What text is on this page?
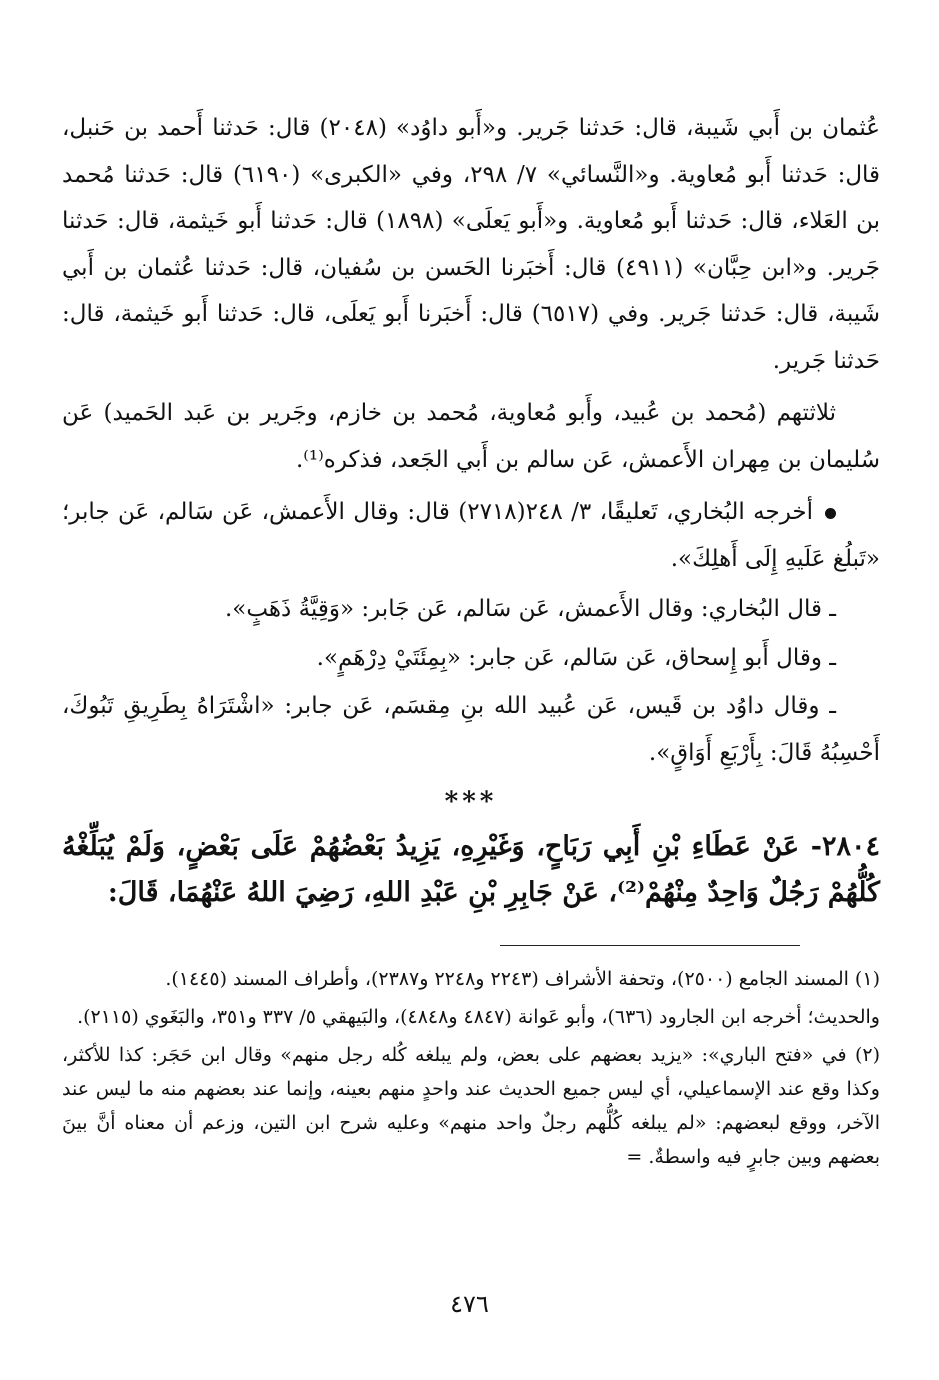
عُثمان بن أَبي شَيبة، قال: حَدثنا جَرير. و«أَبو داوُد» (٢٠٤٨) قال: حَدثنا أَحمد بن حَنبل، قال: حَدثنا أَبو مُعاوية. و«النَّسائي» ٧/ ٢٩٨، وفي «الكبرى» (٦١٩٠) قال: حَدثنا مُحمد بن العَلاء، قال: حَدثنا أَبو مُعاوية. و«أَبو يَعلَى» (١٨٩٨) قال: حَدثنا أَبو خَيثمة، قال: حَدثنا جَرير. و«ابن حِبَّان» (٤٩١١) قال: أَخبَرنا الحَسن بن سُفيان، قال: حَدثنا عُثمان بن أَبي شَيبة، قال: حَدثنا جَرير. وفي (٦٥١٧) قال: أَخبَرنا أَبو يَعلَى، قال: حَدثنا أَبو خَيثمة، قال: حَدثنا جَرير.

ثلاثتهم (مُحمد بن عُبيد، وأَبو مُعاوية، مُحمد بن خازم، وجَرير بن عَبد الحَميد) عَن سُليمان بن مِهران الأَعمش، عَن سالم بن أَبي الجَعد، فذكره⁽¹⁾.

أخرجه البُخاري، تَعليقًا، ٣/ ٢٤٨(٢٧١٨) قال: وقال الأَعمش، عَن سَالم، عَن جابر؛ «تَبلُغ عَلَيهِ إِلَى أَهلِكَ».

ـ قال البُخاري: وقال الأَعمش، عَن سَالم، عَن جَابر: «وَقِيَّةُ ذَهَبٍ».

ـ وقال أَبو إِسحاق، عَن سَالم، عَن جابر: «بِمِئَتَيْ دِرْهَمٍ».

ـ وقال داوُد بن قَيس، عَن عُبيد الله بنِ مِقسَم، عَن جابر: «اشْتَرَاهُ بِطَرِيقِ تَبُوكَ، أَحْسِبُهُ قَالَ: بِأَرْبَعِ أَوَاقٍ».

***

٢٨٠٤- عَنْ عَطَاءِ بْنِ أَبِي رَبَاحٍ، وَغَيْرِهِ، يَزِيدُ بَعْضُهُمْ عَلَى بَعْضٍ، وَلَمْ يُبَلِّغْهُ كُلُّهُمْ رَجُلٌ وَاحِدٌ مِنْهُمْ⁽²⁾، عَنْ جَابِرِ بْنِ عَبْدِ اللهِ، رَضِيَ اللهُ عَنْهُمَا، قَالَ:

(١) المسند الجامع (٢٥٠٠)، وتحفة الأشراف (٢٢٤٣ و٢٢٤٨ و٢٣٨٧)، وأطراف المسند (١٤٤٥).

والحديث؛ أخرجه ابن الجارود (٦٣٦)، وأبو عَوانة (٤٨٤٧ و٤٨٤٨)، والبَيهقي ٥/ ٣٣٧ و٣٥١، والبَغَوي (٢١١٥).

(٢) في «فتح الباري»: «يزيد بعضهم على بعض، ولم يبلغه كُله رجل منهم» وقال ابن حَجَر: كذا للأكثر، وكذا وقع عند الإسماعيلي، أي ليس جميع الحديث عند واحدٍ منهم بعينه، وإنما عند بعضهم منه ما ليس عند الآخر، ووقع لبعضهم: «لم يبلغه كُلُّهم رجلٌ واحد منهم» وعليه شرح ابن التين، وزعم أن معناه أنَّ بينَ بعضهم وبين جابرٍ فيه واسطةٌ. =

٤٧٦
